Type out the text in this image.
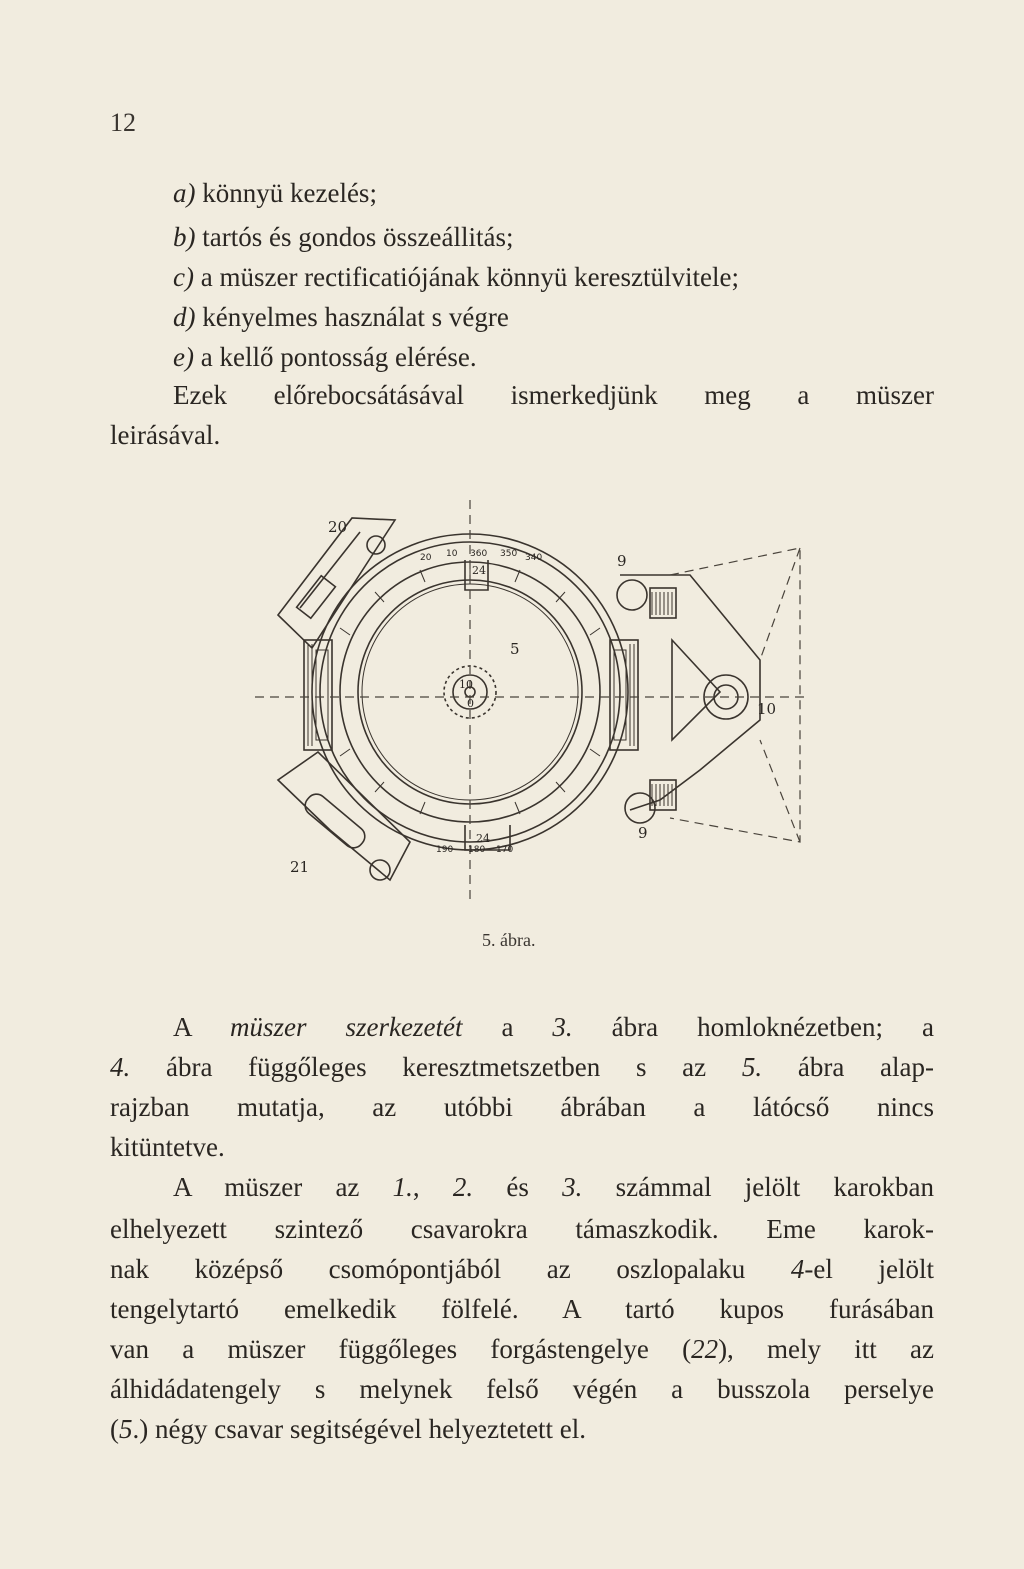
12
a) könnyü kezelés;
b) tartós és gondos összeállitás;
c) a müszer rectificatiójának könnyü keresztülvitele;
d) kényelmes használat s végre
e) a kellő pontosság elérése.
Ezek előrebocsátásával ismerkedjünk meg a müszer
leirásával.
20
9
10
9
21
5
24
24
10
0
360 350 340
10
20
170
180
190
5. ábra.
A müszer szerkezetét a 3. ábra homloknézetben; a
4. ábra függőleges keresztmetszetben s az 5. ábra alap-
rajzban mutatja, az utóbbi ábrában a látócső nincs
kitüntetve.
A müszer az 1., 2. és 3. számmal jelölt karokban
elhelyezett szintező csavarokra támaszkodik. Eme karok-
nak középső csomópontjából az oszlopalaku 4-el jelölt
tengelytartó emelkedik fölfelé. A tartó kupos furásában
van a müszer függőleges forgástengelye (22), mely itt az
álhidádatengely s melynek felső végén a busszola perselye
(5.) négy csavar segitségével helyeztetett el.
